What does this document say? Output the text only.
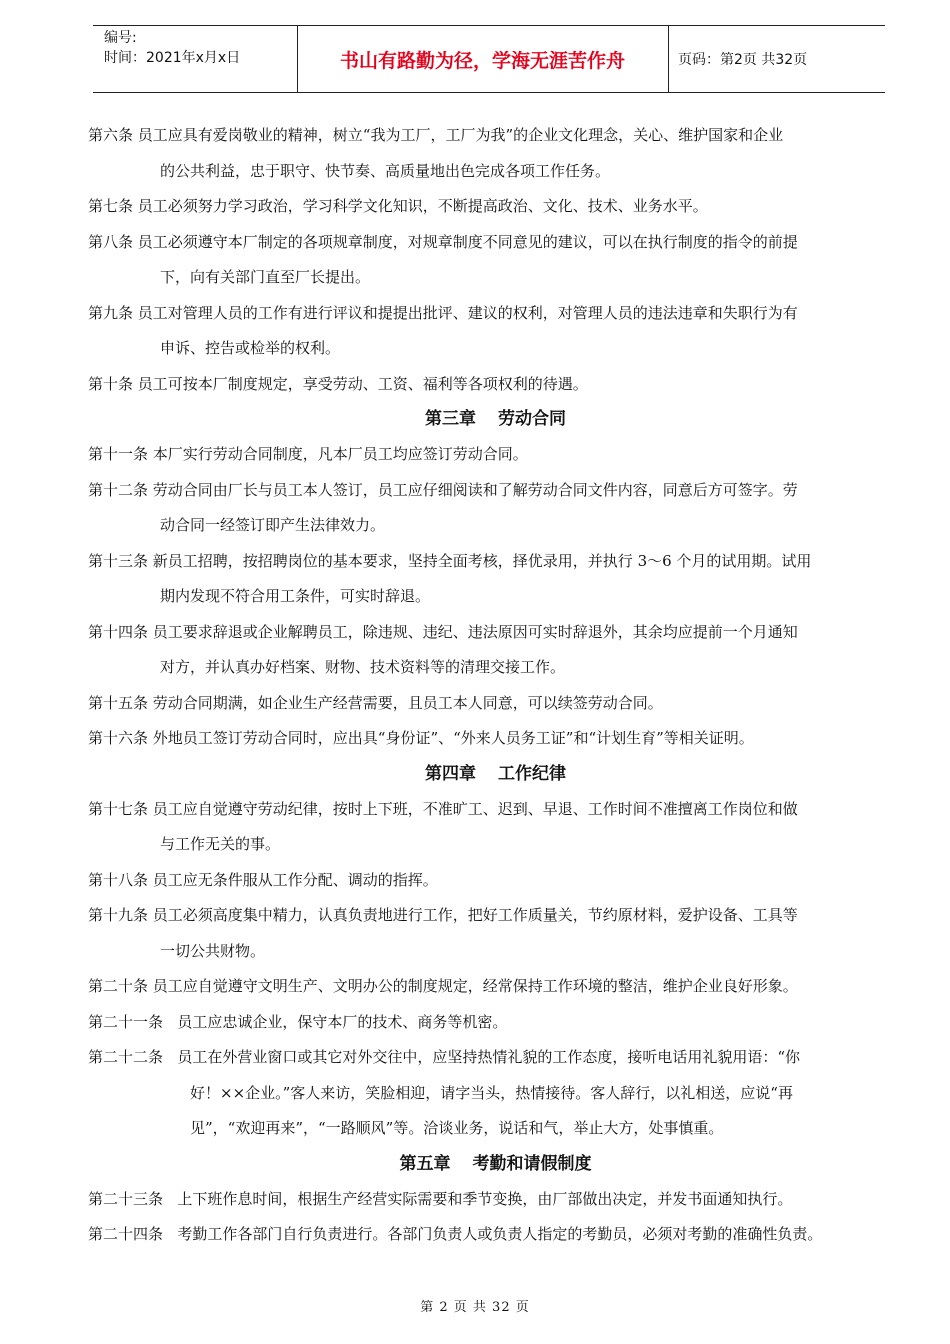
编号:
时间：2021年x月x日	书山有路勤为径，学海无涯苦作舟	页码：第2页 共32页

第六条 员工应具有爱岗敬业的精神，树立“我为工厂，工厂为我”的企业文化理念，关心、维护国家和企业
的公共利益，忠于职守、快节奏、高质量地出色完成各项工作任务。

第七条 员工必须努力学习政治，学习科学文化知识，不断提高政治、文化、技术、业务水平。

第八条 员工必须遵守本厂制定的各项规章制度，对规章制度不同意见的建议，可以在执行制度的指令的前提
下，向有关部门直至厂长提出。

第九条 员工对管理人员的工作有进行评议和提提出批评、建议的权利，对管理人员的违法违章和失职行为有
申诉、控告或检举的权利。

第十条 员工可按本厂制度规定，享受劳动、工资、福利等各项权利的待遇。

第三章 劳动合同

第十一条 本厂实行劳动合同制度，凡本厂员工均应签订劳动合同。

第十二条 劳动合同由厂长与员工本人签订，员工应仔细阅读和了解劳动合同文件内容，同意后方可签字。劳
动合同一经签订即产生法律效力。

第十三条 新员工招聘，按招聘岗位的基本要求，坚持全面考核，择优录用，并执行 3～6 个月的试用期。试用
期内发现不符合用工条件，可实时辞退。

第十四条 员工要求辞退或企业解聘员工，除违规、违纪、违法原因可实时辞退外，其余均应提前一个月通知
对方，并认真办好档案、财物、技术资料等的清理交接工作。

第十五条 劳动合同期满，如企业生产经营需要，且员工本人同意，可以续签劳动合同。

第十六条 外地员工签订劳动合同时，应出具“身份证”、“外来人员务工证”和“计划生育”等相关证明。

第四章 工作纪律

第十七条 员工应自觉遵守劳动纪律，按时上下班，不准旷工、迟到、早退、工作时间不准擅离工作岗位和做
与工作无关的事。

第十八条 员工应无条件服从工作分配、调动的指挥。

第十九条 员工必须高度集中精力，认真负责地进行工作，把好工作质量关，节约原材料，爱护设备、工具等
一切公共财物。

第二十条 员工应自觉遵守文明生产、文明办公的制度规定，经常保持工作环境的整洁，维护企业良好形象。

第二十一条 员工应忠诚企业，保守本厂的技术、商务等机密。

第二十二条 员工在外营业窗口或其它对外交往中，应坚持热情礼貌的工作态度，接听电话用礼貌用语：“你
好！××企业。”客人来访，笑脸相迎，请字当头，热情接待。客人辞行，以礼相送，应说“再
见”，“欢迎再来”，“一路顺风”等。洽谈业务，说话和气，举止大方，处事慎重。

第五章 考勤和请假制度

第二十三条 上下班作息时间，根据生产经营实际需要和季节变换，由厂部做出决定，并发书面通知执行。

第二十四条 考勤工作各部门自行负责进行。各部门负责人或负责人指定的考勤员，必须对考勤的准确性负责。

第 2 页 共 32 页
